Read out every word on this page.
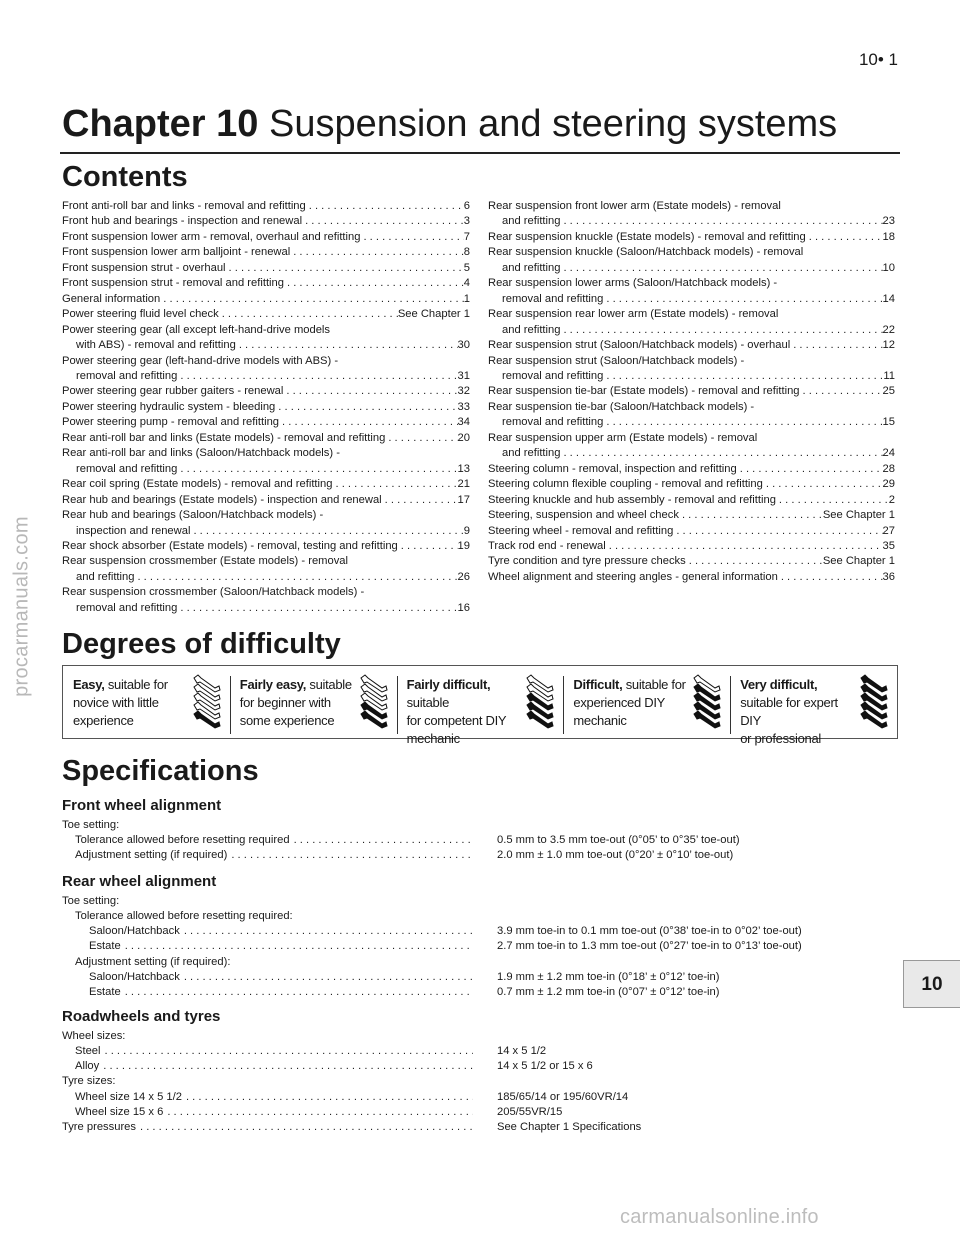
10• 1
Chapter 10 Suspension and steering systems
Contents
Front anti-roll bar and links - removal and refitting . . .	6
Front hub and bearings - inspection and renewal . . .	3
Front suspension lower arm - removal, overhaul and refitting . . .	7
Front suspension lower arm balljoint - renewal . . .	8
Front suspension strut - overhaul . . .	5
Front suspension strut - removal and refitting . . .	4
General information . . .	1
Power steering fluid level check . . .	See Chapter 1
Power steering gear (all except left-hand-drive models
with ABS) - removal and refitting . . .	30
Power steering gear (left-hand-drive models with ABS) -
removal and refitting . . .	31
Power steering gear rubber gaiters - renewal . . .	32
Power steering hydraulic system - bleeding . . .	33
Power steering pump - removal and refitting . . .	34
Rear anti-roll bar and links (Estate models) - removal and refitting . . .	20
Rear anti-roll bar and links (Saloon/Hatchback models) -
removal and refitting . . .	13
Rear coil spring (Estate models) - removal and refitting . . .	21
Rear hub and bearings (Estate models) - inspection and renewal . . .	17
Rear hub and bearings (Saloon/Hatchback models) -
inspection and renewal . . .	9
Rear shock absorber (Estate models) - removal, testing and refitting . . .	19
Rear suspension crossmember (Estate models) - removal
and refitting . . .	26
Rear suspension crossmember (Saloon/Hatchback models) -
removal and refitting . . .	16
Rear suspension front lower arm (Estate models) - removal
and refitting . . .	23
Rear suspension knuckle (Estate models) - removal and refitting . . .	18
Rear suspension knuckle (Saloon/Hatchback models) - removal
and refitting . . .	10
Rear suspension lower arms (Saloon/Hatchback models) -
removal and refitting . . .	14
Rear suspension rear lower arm (Estate models) - removal
and refitting . . .	22
Rear suspension strut (Saloon/Hatchback models) - overhaul . . .	12
Rear suspension strut (Saloon/Hatchback models) -
removal and refitting . . .	11
Rear suspension tie-bar (Estate models) - removal and refitting . . .	25
Rear suspension tie-bar (Saloon/Hatchback models) -
removal and refitting . . .	15
Rear suspension upper arm (Estate models) - removal
and refitting . . .	24
Steering column - removal, inspection and refitting . . .	28
Steering column flexible coupling - removal and refitting . . .	29
Steering knuckle and hub assembly - removal and refitting . . .	2
Steering, suspension and wheel check . . .	See Chapter 1
Steering wheel - removal and refitting . . .	27
Track rod end - renewal . . .	35
Tyre condition and tyre pressure checks . . .	See Chapter 1
Wheel alignment and steering angles - general information . . .	36
Degrees of difficulty
Easy, suitable for
novice with little
experience
Fairly easy, suitable
for beginner with
some experience
Fairly difficult, suitable
for competent DIY
mechanic
Difficult, suitable for
experienced DIY
mechanic
Very difficult,
suitable for expert DIY
or professional
Specifications
Front wheel alignment
Toe setting:
Tolerance allowed before resetting required . . .	0.5 mm to 3.5 mm toe-out (0°05’ to 0°35’ toe-out)
Adjustment setting (if required) . . .	2.0 mm ± 1.0 mm toe-out (0°20’ ± 0°10’ toe-out)
Rear wheel alignment
Toe setting:
Tolerance allowed before resetting required:
Saloon/Hatchback . . .	3.9 mm toe-in to 0.1 mm toe-out (0°38’ toe-in to 0°02’ toe-out)
Estate . . .	2.7 mm toe-in to 1.3 mm toe-out (0°27’ toe-in to 0°13’ toe-out)
Adjustment setting (if required):
Saloon/Hatchback . . .	1.9 mm ± 1.2 mm toe-in (0°18’ ± 0°12’ toe-in)
Estate . . .	0.7 mm ± 1.2 mm toe-in (0°07’ ± 0°12’ toe-in)
Roadwheels and tyres
Wheel sizes:
Steel . . .	14 x 5 1/2
Alloy . . .	14 x 5 1/2 or 15 x 6
Tyre sizes:
Wheel size 14 x 5 1/2 . . .	185/65/14 or 195/60VR/14
Wheel size 15 x 6 . . .	205/55VR/15
Tyre pressures . . .	See Chapter 1 Specifications
10
procarmanuals.com
carmanualsonline.info
